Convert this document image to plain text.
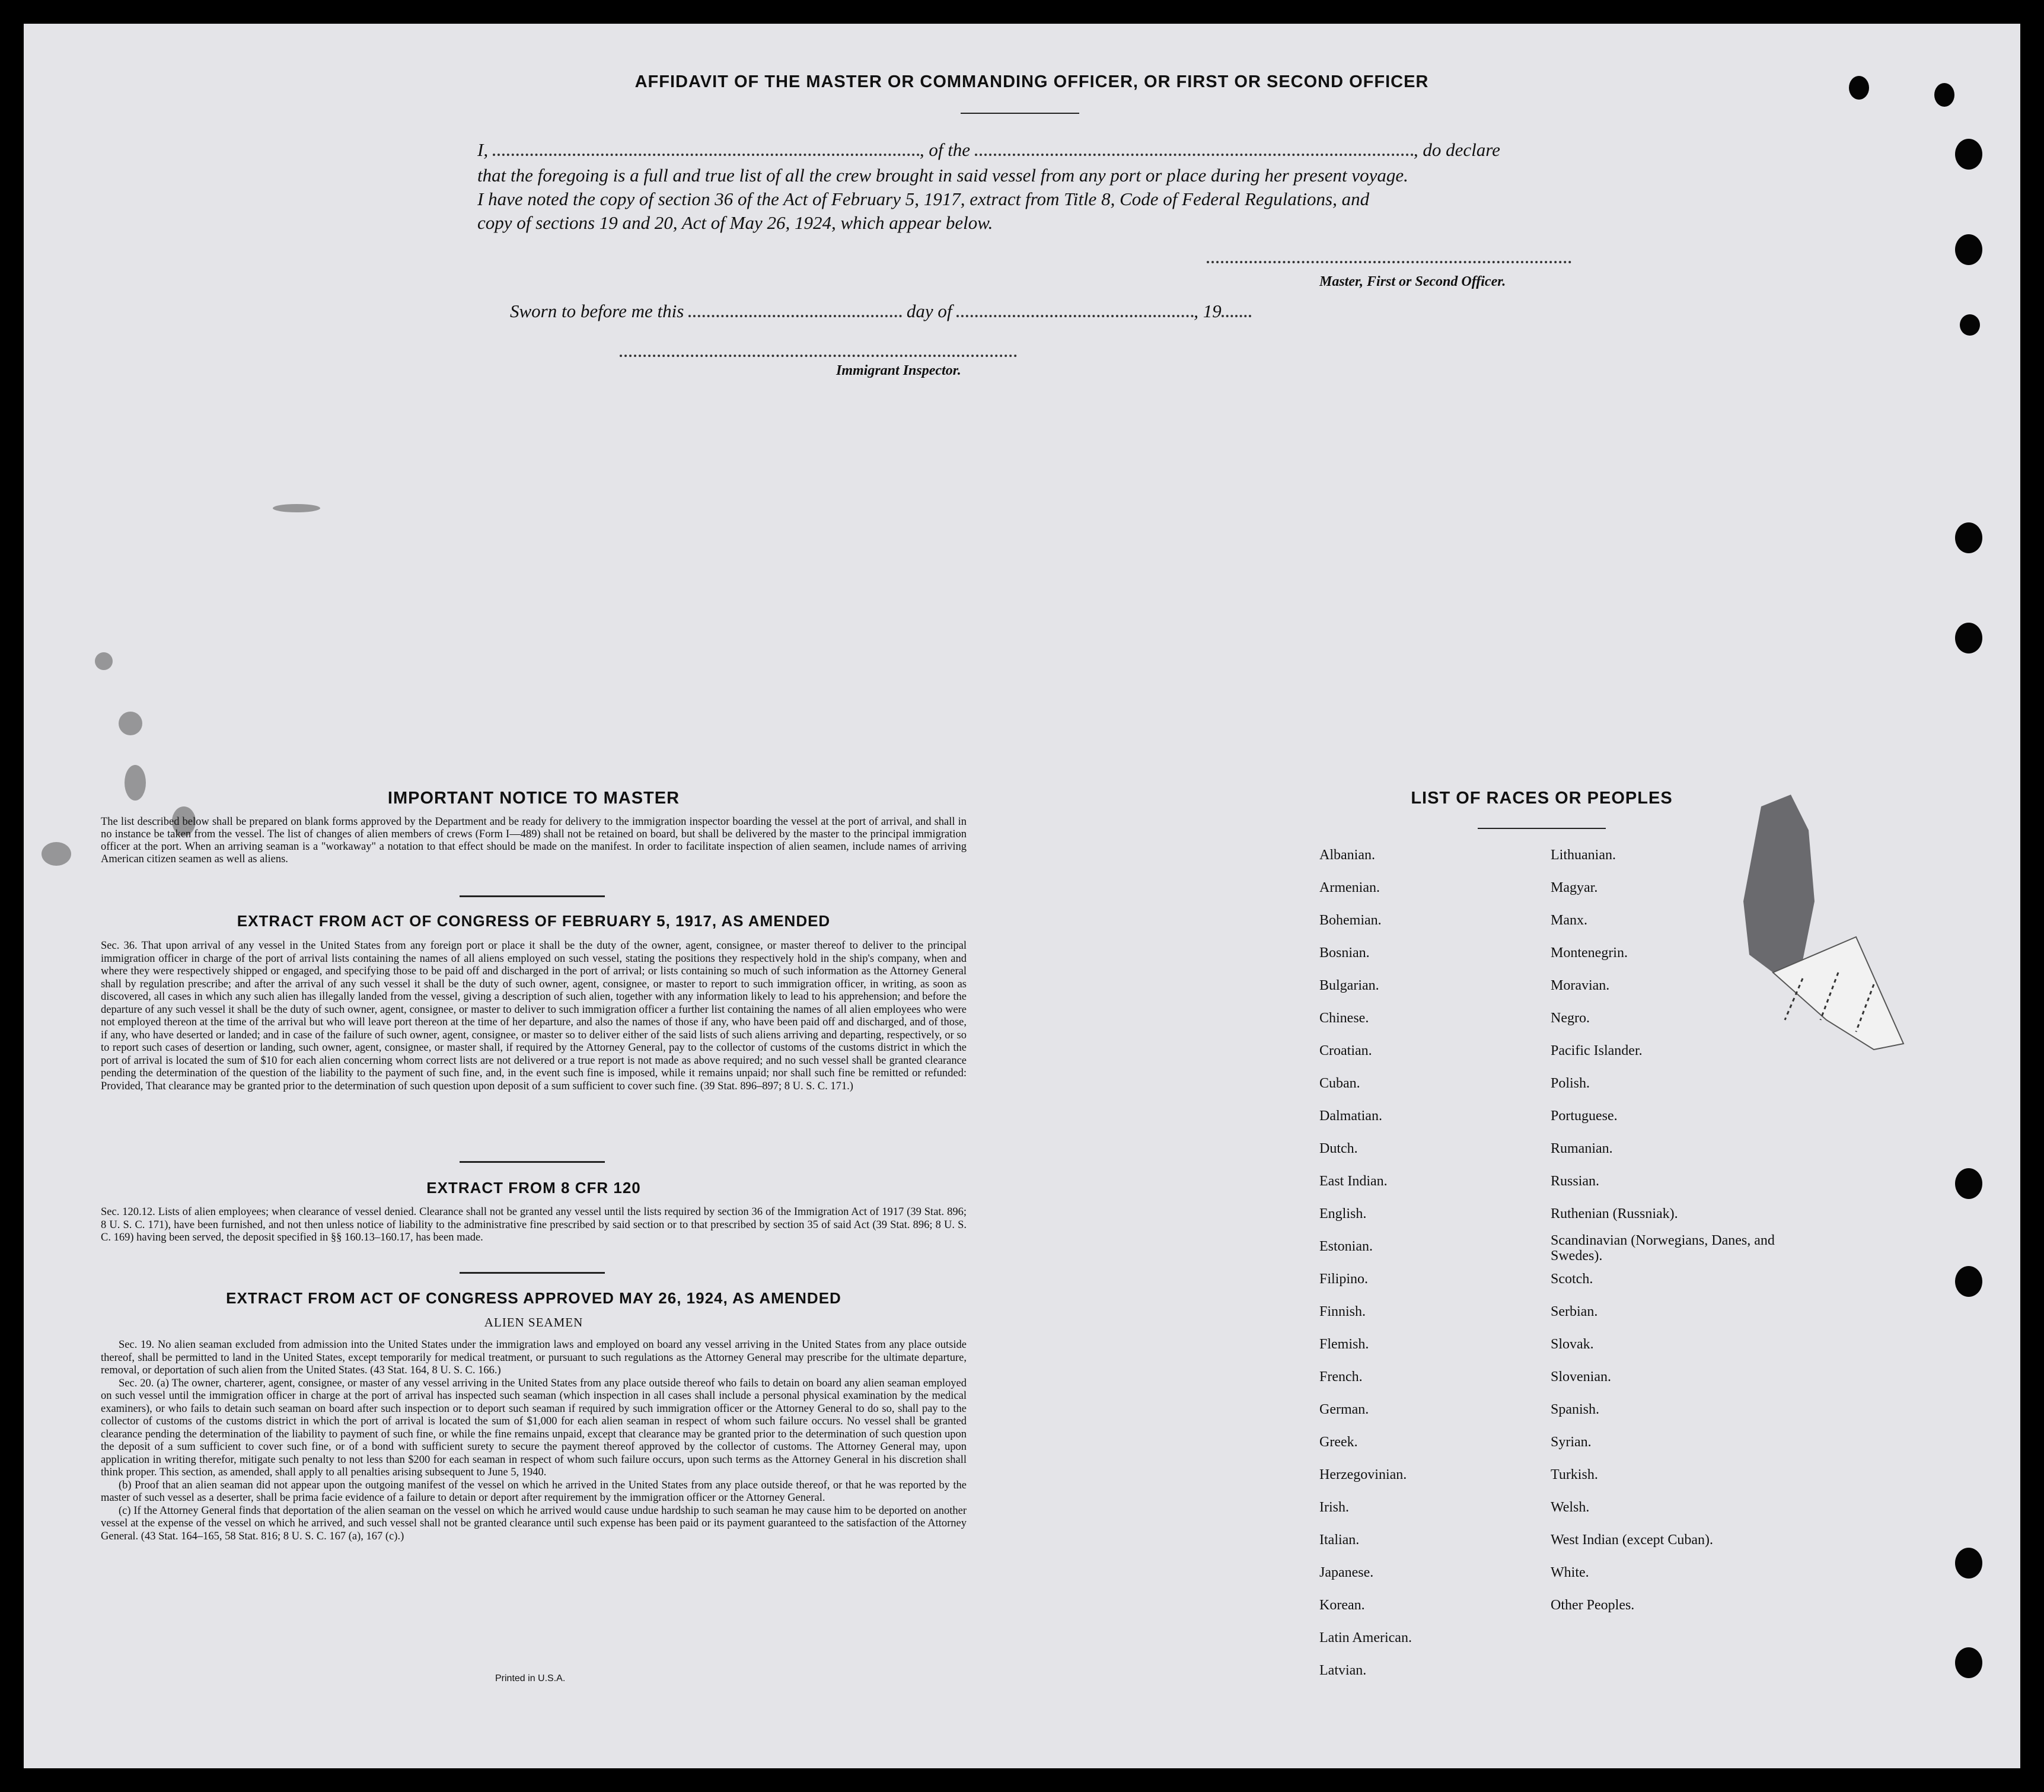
AFFIDAVIT OF THE MASTER OR COMMANDING OFFICER, OR FIRST OR SECOND OFFICER
I,	, of the	, do declare
that the foregoing is a full and true list of all the crew brought in said vessel from any port or place during her present voyage.
I have noted the copy of section 36 of the Act of February 5, 1917, extract from Title 8, Code of Federal Regulations, and
copy of sections 19 and 20, Act of May 26, 1924, which appear below.
Master, First or Second Officer.
Sworn to before me this	day of	, 19
Immigrant Inspector.
IMPORTANT NOTICE TO MASTER
The list described below shall be prepared on blank forms approved by the Department and be ready for delivery to the immigration inspector boarding the vessel at the port of arrival, and shall in no instance be taken from the vessel. The list of changes of alien members of crews (Form I—489) shall not be retained on board, but shall be delivered by the master to the principal immigration officer at the port. When an arriving seaman is a "workaway" a notation to that effect should be made on the manifest. In order to facilitate inspection of alien seamen, include names of arriving American citizen seamen as well as aliens.
EXTRACT FROM ACT OF CONGRESS OF FEBRUARY 5, 1917, AS AMENDED
Sec. 36. That upon arrival of any vessel in the United States from any foreign port or place it shall be the duty of the owner, agent, consignee, or master thereof to deliver to the principal immigration officer in charge of the port of arrival lists containing the names of all aliens employed on such vessel, stating the positions they respectively hold in the ship's company, when and where they were respectively shipped or engaged, and specifying those to be paid off and discharged in the port of arrival; or lists containing so much of such information as the Attorney General shall by regulation prescribe; and after the arrival of any such vessel it shall be the duty of such owner, agent, consignee, or master to report to such immigration officer, in writing, as soon as discovered, all cases in which any such alien has illegally landed from the vessel, giving a description of such alien, together with any information likely to lead to his apprehension; and before the departure of any such vessel it shall be the duty of such owner, agent, consignee, or master to deliver to such immigration officer a further list containing the names of all alien employees who were not employed thereon at the time of the arrival but who will leave port thereon at the time of her departure, and also the names of those if any, who have been paid off and discharged, and of those, if any, who have deserted or landed; and in case of the failure of such owner, agent, consignee, or master so to deliver either of the said lists of such aliens arriving and departing, respectively, or so to report such cases of desertion or landing, such owner, agent, consignee, or master shall, if required by the Attorney General, pay to the collector of customs of the customs district in which the port of arrival is located the sum of $10 for each alien concerning whom correct lists are not delivered or a true report is not made as above required; and no such vessel shall be granted clearance pending the determination of the question of the liability to the payment of such fine, and, in the event such fine is imposed, while it remains unpaid; nor shall such fine be remitted or refunded: Provided, That clearance may be granted prior to the determination of such question upon deposit of a sum sufficient to cover such fine. (39 Stat. 896–897; 8 U. S. C. 171.)
EXTRACT FROM 8 CFR 120
Sec. 120.12. Lists of alien employees; when clearance of vessel denied. Clearance shall not be granted any vessel until the lists required by section 36 of the Immigration Act of 1917 (39 Stat. 896; 8 U. S. C. 171), have been furnished, and not then unless notice of liability to the administrative fine prescribed by said section or to that prescribed by section 35 of said Act (39 Stat. 896; 8 U. S. C. 169) having been served, the deposit specified in §§ 160.13–160.17, has been made.
EXTRACT FROM ACT OF CONGRESS APPROVED MAY 26, 1924, AS AMENDED
ALIEN SEAMEN
Sec. 19. No alien seaman excluded from admission into the United States under the immigration laws and employed on board any vessel arriving in the United States from any place outside thereof, shall be permitted to land in the United States, except temporarily for medical treatment, or pursuant to such regulations as the Attorney General may prescribe for the ultimate departure, removal, or deportation of such alien from the United States. (43 Stat. 164, 8 U. S. C. 166.)
Sec. 20. (a) The owner, charterer, agent, consignee, or master of any vessel arriving in the United States from any place outside thereof who fails to detain on board any alien seaman employed on such vessel until the immigration officer in charge at the port of arrival has inspected such seaman (which inspection in all cases shall include a personal physical examination by the medical examiners), or who fails to detain such seaman on board after such inspection or to deport such seaman if required by such immigration officer or the Attorney General to do so, shall pay to the collector of customs of the customs district in which the port of arrival is located the sum of $1,000 for each alien seaman in respect of whom such failure occurs. No vessel shall be granted clearance pending the determination of the liability to payment of such fine, or while the fine remains unpaid, except that clearance may be granted prior to the determination of such question upon the deposit of a sum sufficient to cover such fine, or of a bond with sufficient surety to secure the payment thereof approved by the collector of customs. The Attorney General may, upon application in writing therefor, mitigate such penalty to not less than $200 for each seaman in respect of whom such failure occurs, upon such terms as the Attorney General in his discretion shall think proper. This section, as amended, shall apply to all penalties arising subsequent to June 5, 1940.
(b) Proof that an alien seaman did not appear upon the outgoing manifest of the vessel on which he arrived in the United States from any place outside thereof, or that he was reported by the master of such vessel as a deserter, shall be prima facie evidence of a failure to detain or deport after requirement by the immigration officer or the Attorney General.
(c) If the Attorney General finds that deportation of the alien seaman on the vessel on which he arrived would cause undue hardship to such seaman he may cause him to be deported on another vessel at the expense of the vessel on which he arrived, and such vessel shall not be granted clearance until such expense has been paid or its payment guaranteed to the satisfaction of the Attorney General. (43 Stat. 164–165, 58 Stat. 816; 8 U. S. C. 167 (a), 167 (c).)
Printed in U.S.A.
LIST OF RACES OR PEOPLES
Albanian.
Armenian.
Bohemian.
Bosnian.
Bulgarian.
Chinese.
Croatian.
Cuban.
Dalmatian.
Dutch.
East Indian.
English.
Estonian.
Filipino.
Finnish.
Flemish.
French.
German.
Greek.
Herzegovinian.
Irish.
Italian.
Japanese.
Korean.
Latin American.
Latvian.
Lithuanian.
Magyar.
Manx.
Montenegrin.
Moravian.
Negro.
Pacific Islander.
Polish.
Portuguese.
Rumanian.
Russian.
Ruthenian (Russniak).
Scandinavian (Norwegians, Danes, and Swedes).
Scotch.
Serbian.
Slovak.
Slovenian.
Spanish.
Syrian.
Turkish.
Welsh.
West Indian (except Cuban).
White.
Other Peoples.
